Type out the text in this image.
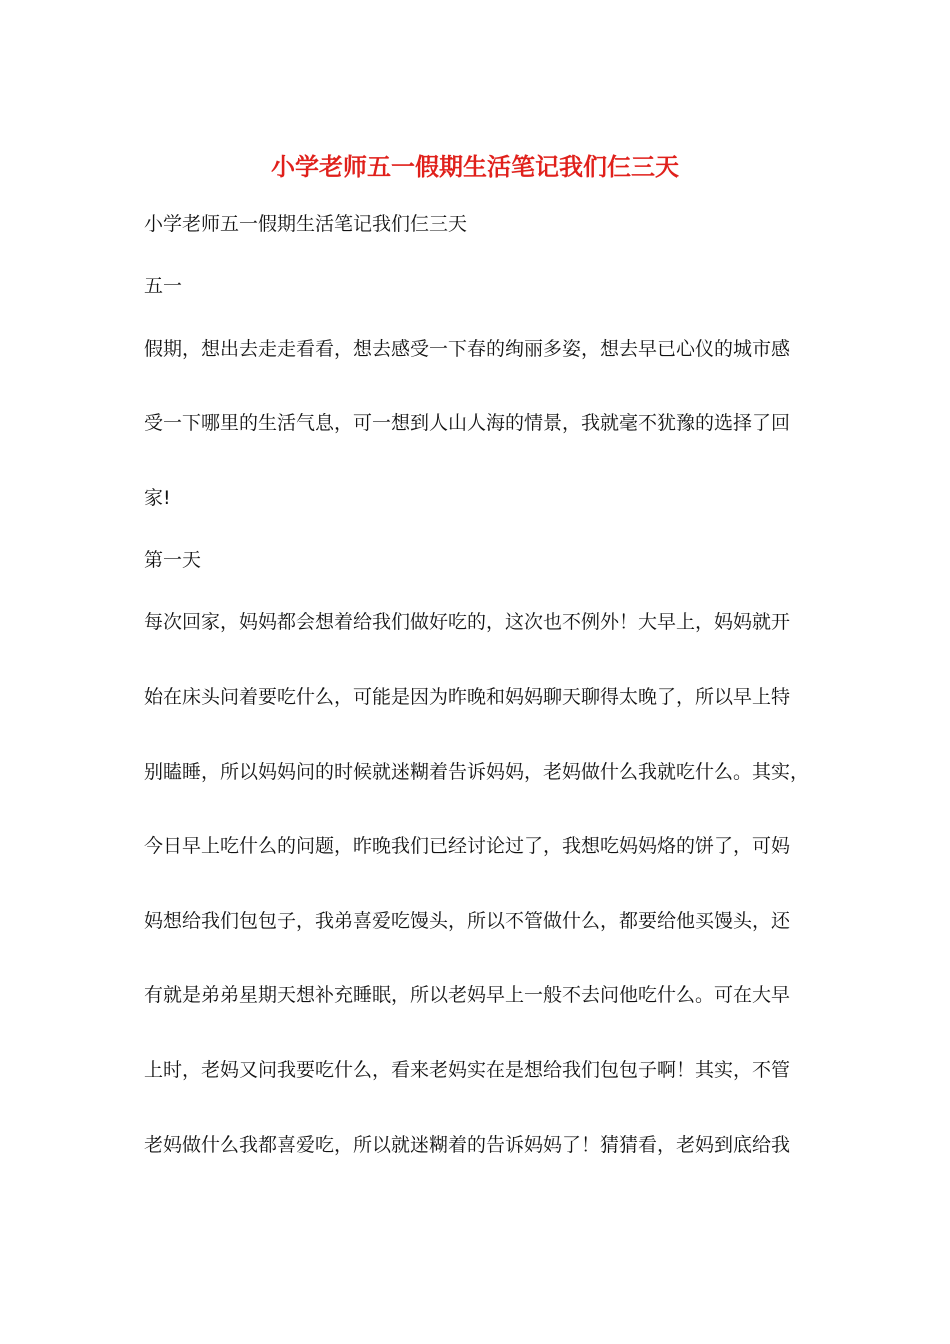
小学老师五一假期生活笔记我们仨三天

小学老师五一假期生活笔记我们仨三天

五一

假期，想出去走走看看，想去感受一下春的绚丽多姿，想去早已心仪的城市感

受一下哪里的生活气息，可一想到人山人海的情景，我就毫不犹豫的选择了回

家!

第一天

每次回家，妈妈都会想着给我们做好吃的，这次也不例外！大早上，妈妈就开

始在床头问着要吃什么，可能是因为昨晚和妈妈聊天聊得太晚了，所以早上特

别瞌睡，所以妈妈问的时候就迷糊着告诉妈妈，老妈做什么我就吃什么。其实，

今日早上吃什么的问题，昨晚我们已经讨论过了，我想吃妈妈烙的饼了，可妈

妈想给我们包包子，我弟喜爱吃馒头，所以不管做什么，都要给他买馒头，还

有就是弟弟星期天想补充睡眠，所以老妈早上一般不去问他吃什么。可在大早

上时，老妈又问我要吃什么，看来老妈实在是想给我们包包子啊！其实，不管

老妈做什么我都喜爱吃，所以就迷糊着的告诉妈妈了！猜猜看，老妈到底给我
